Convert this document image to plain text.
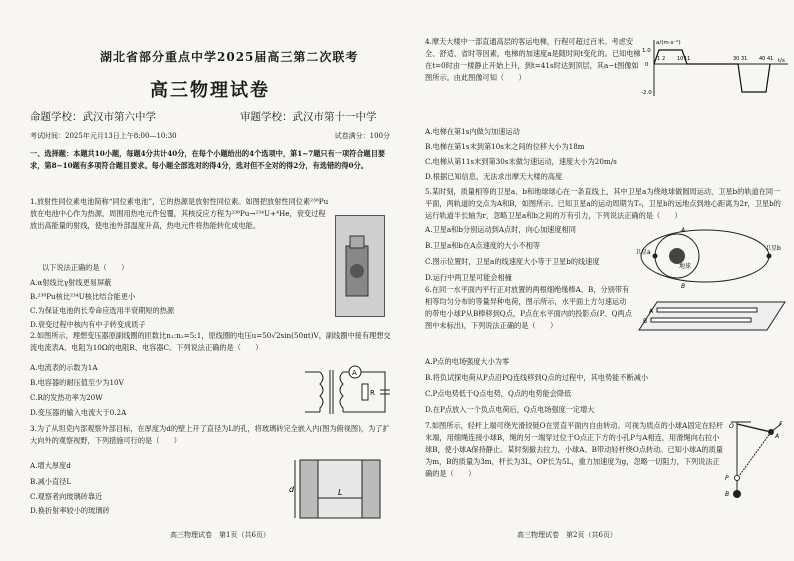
湖北省部分重点中学2025届高三第二次联考
高三物理试卷
命题学校：武汉市第六中学	审题学校：武汉市第十一中学
考试时间：2025年元月13日上午8:00—10:30	试卷满分：100分
一、选择题：本题共10小题，每题4分共计40分，在每个小题给出的4个选项中，第1~7题只有一项符合题目要求，第8~10题有多项符合题目要求。每小题全部选对的得4分，选对但不全对的得2分，有选错的得0分。
1.放射性同位素电池简称“同位素电池”，它的热源是放射性同位素。如图把放射性同位素²³⁸Pu放在电池中心作为热源，周围用热电元件包覆，其核反应方程为²³⁸Pu→²³⁴U+⁴He，衰变过程放出高能量的射线，使电池外部温度升高，热电元件将热能转化成电能。
以下说法正确的是（　　）
A.α射线比γ射线更易屏蔽
B.²³⁸Pu核比²³⁴U核比结合能更小
C.为保证电池的长寿命应选用半衰期短的热源
D.衰变过程中核内有中子转变成质子
2.如图所示，理想变压器原副线圈的匝数比n₁:n₂=5:1，原线圈的电压u=50√2sin(50πt)V，副线圈中接有理想交流电流表A、电阻为10Ω的电阻R、电容器C。下列说法正确的是（　　）
A.电流表的示数为1A
B.电容器的耐压值至少为10V
C.R的发热功率为20W
D.变压器的输入电流大于0.2A
A
R
3.为了从坦克内部观察外部目标，在厚度为d的壁上开了直径为L的孔，将玻璃砖完全嵌入内(图为俯视图)，为了扩大向外的观察视野，下列措施可行的是（　　）
A.增大厚度d
B.减小直径L
C.观察者向玻璃砖靠近
D.换折射率较小的玻璃砖
d	L
高三物理试卷　第1页（共6页）
4.摩天大楼中一部直通高层的客运电梯，行程可超过百米。考虑安全、舒适、省时等因素，电梯的加速度a是随时间t变化的。已知电梯在t=0时由一楼静止开始上升，到t=41s时达到顶层，其a−t图像如图所示。由此图像可知（　　）
A.电梯在第1s内做匀加速运动
B.电梯在第1s末到第10s末之间的位移大小为18m
C.电梯从第11s末到第30s末做匀速运动，速度大小为20m/s
D.根据已知信息，无法求出摩天大楼的高度
a/(m·s⁻²)
t/s
1.0
0
-2.0
1 2 10 11	30 31 40 41
5.某时刻，质量相等的卫星a、b和地球球心在一条直线上，其中卫星a为绕地球做圆周运动，卫星b的轨道在同一平面，两轨道的交点为A和B，如图所示。已知卫星a的运动周期为T₀，卫星b的远地点到地心距离为2r，卫星b的运行轨道半长轴为r，忽略卫星a和b之间的万有引力，下列说法正确的是（　　）
A.卫星a和b分别运动到A点时，向心加速度相同
B.卫星a和b在A点速度的大小不相等
C.图示位置时，卫星a的线速度大小等于卫星b的线速度
D.运行中两卫星可能会相撞
卫星a
卫星b
地球
A
B
6.在同一水平面内平行正对放置的两根细绝缘棒A、B，分别带有相等均匀分布的等量异种电荷，图示所示，水平面上方匀速运动的带电小球P从B棒移到Q点，P点在水平面内的投影点(P、Q两点图中未标出)，下列说法正确的是（　　）
A.P点的电场强度大小为零
B.将负试探电荷从P点沿PQ连线移到Q点的过程中，其电势能不断减小
C.P点电势低于Q点电势，Q点的电势能会降低
D.在P点放入一个负点电荷后，Q点电场强度一定增大
A
B
7.如图所示，轻杆上端可绕光滑铰链O在竖直平面内自由转动。可视为质点的小球A固定在轻杆末端，用细绳连接小球B，绳的另一端穿过位于O点正下方的小孔P与A相连，用滑绳向右拉小球B，使小球A保持静止。某时刻撤去拉力，小球A、B带动轻杆绕O点转动。已知小球A的质量为m，B的质量为3m，杆长为3L，OP长为5L，重力加速度为g，忽略一切阻力，下列说法正确的是（　　）
O
A
P
B
F
高三物理试卷　第2页（共6页）
